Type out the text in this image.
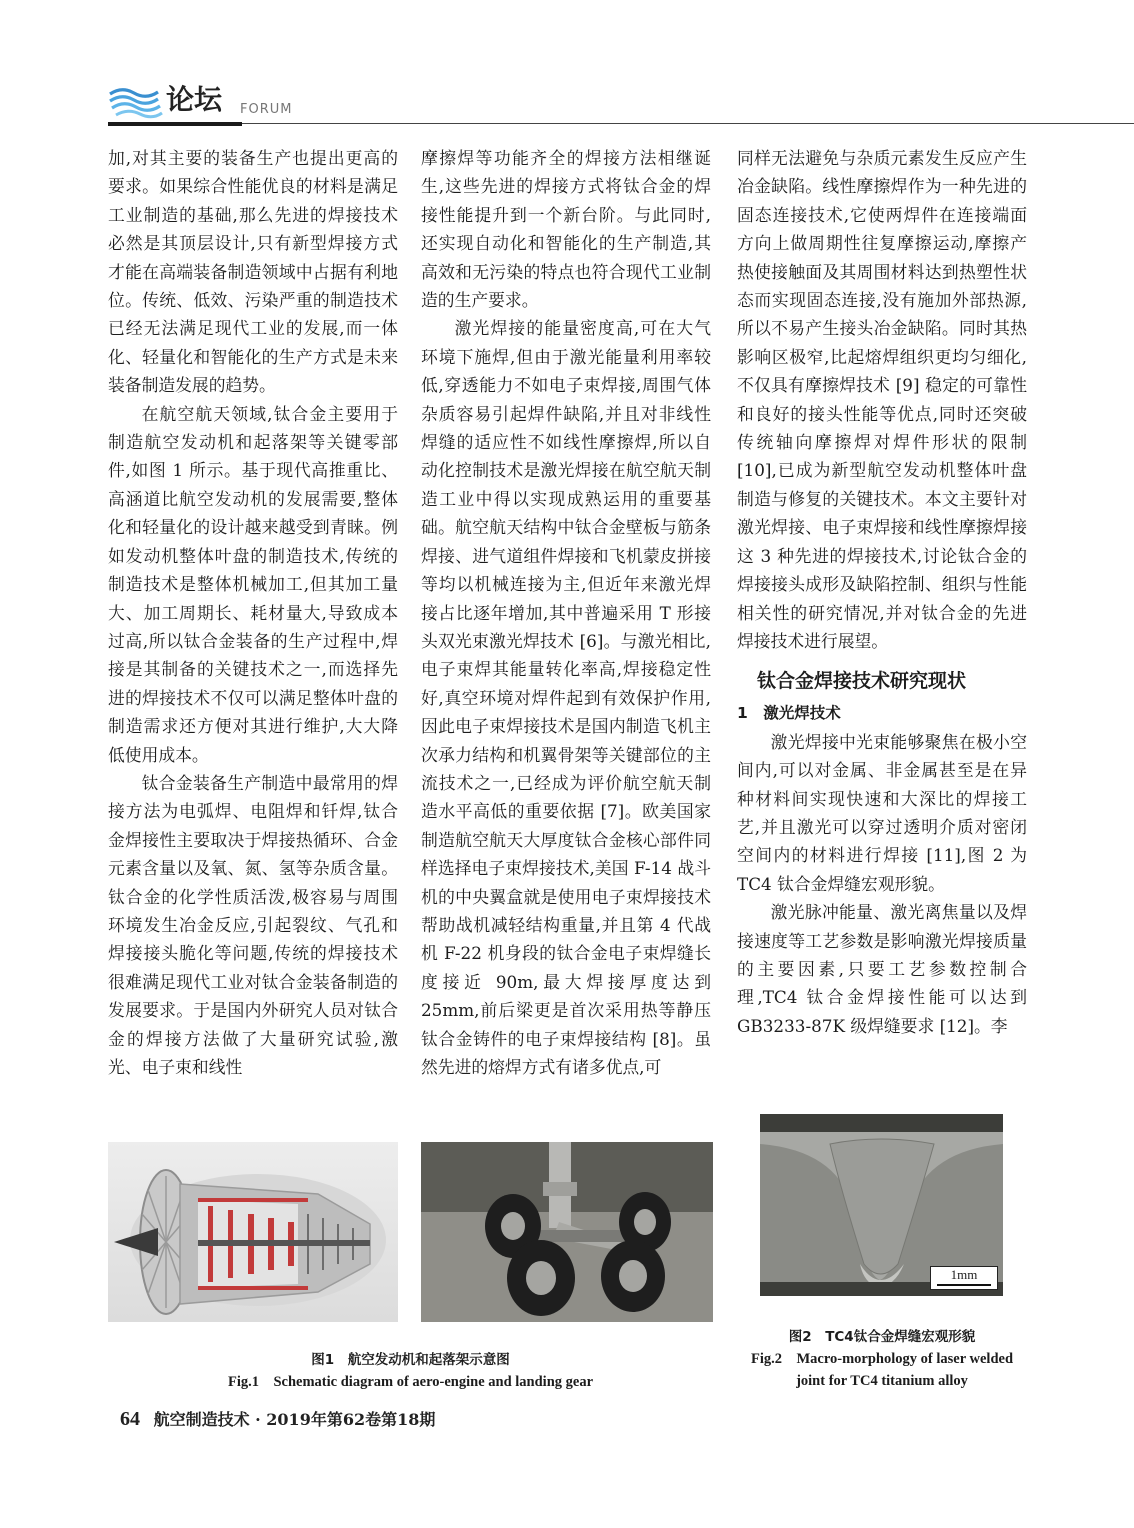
论坛 FORUM

加,对其主要的装备生产也提出更高的要求。如果综合性能优良的材料是满足工业制造的基础,那么先进的焊接技术必然是其顶层设计,只有新型焊接方式才能在高端装备制造领域中占据有利地位。传统、低效、污染严重的制造技术已经无法满足现代工业的发展,而一体化、轻量化和智能化的生产方式是未来装备制造发展的趋势。

在航空航天领域,钛合金主要用于制造航空发动机和起落架等关键零部件,如图 1 所示。基于现代高推重比、高涵道比航空发动机的发展需要,整体化和轻量化的设计越来越受到青睐。例如发动机整体叶盘的制造技术,传统的制造技术是整体机械加工,但其加工量大、加工周期长、耗材量大,导致成本过高,所以钛合金装备的生产过程中,焊接是其制备的关键技术之一,而选择先进的焊接技术不仅可以满足整体叶盘的制造需求还方便对其进行维护,大大降低使用成本。

钛合金装备生产制造中最常用的焊接方法为电弧焊、电阻焊和钎焊,钛合金焊接性主要取决于焊接热循环、合金元素含量以及氧、氮、氢等杂质含量。钛合金的化学性质活泼,极容易与周围环境发生冶金反应,引起裂纹、气孔和焊接接头脆化等问题,传统的焊接技术很难满足现代工业对钛合金装备制造的发展要求。于是国内外研究人员对钛合金的焊接方法做了大量研究试验,激光、电子束和线性

摩擦焊等功能齐全的焊接方法相继诞生,这些先进的焊接方式将钛合金的焊接性能提升到一个新台阶。与此同时,还实现自动化和智能化的生产制造,其高效和无污染的特点也符合现代工业制造的生产要求。

激光焊接的能量密度高,可在大气环境下施焊,但由于激光能量利用率较低,穿透能力不如电子束焊接,周围气体杂质容易引起焊件缺陷,并且对非线性焊缝的适应性不如线性摩擦焊,所以自动化控制技术是激光焊接在航空航天制造工业中得以实现成熟运用的重要基础。航空航天结构中钛合金壁板与筋条焊接、进气道组件焊接和飞机蒙皮拼接等均以机械连接为主,但近年来激光焊接占比逐年增加,其中普遍采用 T 形接头双光束激光焊技术 [6]。与激光相比,电子束焊其能量转化率高,焊接稳定性好,真空环境对焊件起到有效保护作用,因此电子束焊接技术是国内制造飞机主次承力结构和机翼骨架等关键部位的主流技术之一,已经成为评价航空航天制造水平高低的重要依据 [7]。欧美国家制造航空航天大厚度钛合金核心部件同样选择电子束焊接技术,美国 F-14 战斗机的中央翼盒就是使用电子束焊接技术帮助战机减轻结构重量,并且第 4 代战机 F-22 机身段的钛合金电子束焊缝长度接近 90m,最大焊接厚度达到 25mm,前后梁更是首次采用热等静压钛合金铸件的电子束焊接结构 [8]。虽然先进的熔焊方式有诸多优点,可

同样无法避免与杂质元素发生反应产生冶金缺陷。线性摩擦焊作为一种先进的固态连接技术,它使两焊件在连接端面方向上做周期性往复摩擦运动,摩擦产热使接触面及其周围材料达到热塑性状态而实现固态连接,没有施加外部热源,所以不易产生接头冶金缺陷。同时其热影响区极窄,比起熔焊组织更均匀细化,不仅具有摩擦焊技术 [9] 稳定的可靠性和良好的接头性能等优点,同时还突破传统轴向摩擦焊对焊件形状的限制 [10],已成为新型航空发动机整体叶盘制造与修复的关键技术。本文主要针对激光焊接、电子束焊接和线性摩擦焊接这 3 种先进的焊接技术,讨论钛合金的焊接接头成形及缺陷控制、组织与性能相关性的研究情况,并对钛合金的先进焊接技术进行展望。

钛合金焊接技术研究现状
1　激光焊技术

激光焊接中光束能够聚焦在极小空间内,可以对金属、非金属甚至是在异种材料间实现快速和大深比的焊接工艺,并且激光可以穿过透明介质对密闭空间内的材料进行焊接 [11],图 2 为 TC4 钛合金焊缝宏观形貌。

激光脉冲能量、激光离焦量以及焊接速度等工艺参数是影响激光焊接质量的主要因素,只要工艺参数控制合理,TC4 钛合金焊接性能可以达到 GB3233-87K 级焊缝要求 [12]。李

1mm
图1　航空发动机和起落架示意图
Fig.1　Schematic diagram of aero-engine and landing gear
图2　TC4钛合金焊缝宏观形貌
Fig.2　Macro-morphology of laser welded
joint for TC4 titanium alloy
64 航空制造技术 · 2019年第62卷第18期
